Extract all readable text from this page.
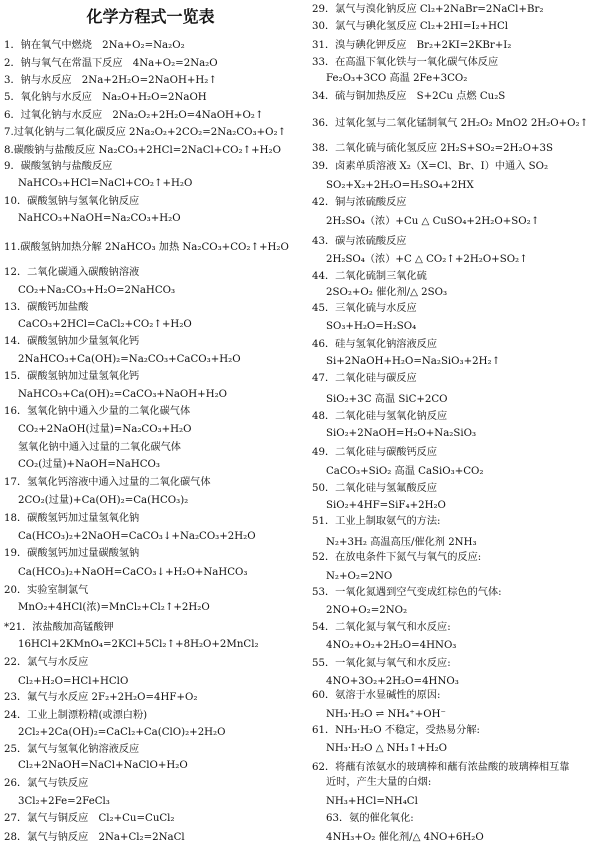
化学方程式一览表
1．钠在氧气中燃烧　2Na+O₂=Na₂O₂
2．钠与氧气在常温下反应　4Na+O₂=2Na₂O
3．钠与水反应　2Na+2H₂O=2NaOH+H₂↑
5．氧化钠与水反应　Na₂O+H₂O=2NaOH
6．过氧化钠与水反应　2Na₂O₂+2H₂O=4NaOH+O₂↑
7.过氧化钠与二氧化碳反应 2Na₂O₂+2CO₂=2Na₂CO₃+O₂↑
8.碳酸钠与盐酸反应 Na₂CO₃+2HCl=2NaCl+CO₂↑+H₂O
9．碳酸氢钠与盐酸反应
NaHCO₃+HCl=NaCl+CO₂↑+H₂O
10．碳酸氢钠与氢氧化钠反应
NaHCO₃+NaOH=Na₂CO₃+H₂O
11.碳酸氢钠加热分解 2NaHCO₃ 加热 Na₂CO₃+CO₂↑+H₂O
12．二氧化碳通入碳酸钠溶液
CO₂+Na₂CO₃+H₂O=2NaHCO₃
13．碳酸钙加盐酸
CaCO₃+2HCl=CaCl₂+CO₂↑+H₂O
14．碳酸氢钠加少量氢氧化钙
2NaHCO₃+Ca(OH)₂=Na₂CO₃+CaCO₃+H₂O
15．碳酸氢钠加过量氢氧化钙
NaHCO₃+Ca(OH)₂=CaCO₃+NaOH+H₂O
16．氢氧化钠中通入少量的二氧化碳气体
CO₂+2NaOH(过量)=Na₂CO₃+H₂O
氢氧化钠中通入过量的二氧化碳气体
CO₂(过量)+NaOH=NaHCO₃
17．氢氧化钙溶液中通入过量的二氧化碳气体
2CO₂(过量)+Ca(OH)₂=Ca(HCO₃)₂
18．碳酸氢钙加过量氢氧化钠
Ca(HCO₃)₂+2NaOH=CaCO₃↓+Na₂CO₃+2H₂O
19．碳酸氢钙加过量碳酸氢钠
Ca(HCO₃)₂+NaOH=CaCO₃↓+H₂O+NaHCO₃
20．实验室制氯气
MnO₂+4HCl(浓)=MnCl₂+Cl₂↑+2H₂O
*21．浓盐酸加高锰酸钾
16HCl+2KMnO₄=2KCl+5Cl₂↑+8H₂O+2MnCl₂
22．氯气与水反应
Cl₂+H₂O=HCl+HClO
23．氟气与水反应 2F₂+2H₂O=4HF+O₂
24．工业上制漂粉精(或漂白粉)
2Cl₂+2Ca(OH)₂=CaCl₂+Ca(ClO)₂+2H₂O
25．氯气与氢氧化钠溶液反应
Cl₂+2NaOH=NaCl+NaClO+H₂O
26．氯气与铁反应
3Cl₂+2Fe=2FeCl₃
27．氯气与铜反应　Cl₂+Cu=CuCl₂
28．氯气与钠反应　2Na+Cl₂=2NaCl
29．氯气与溴化钠反应 Cl₂+2NaBr=2NaCl+Br₂
30．氯气与碘化氢反应 Cl₂+2HI=I₂+HCl
31．溴与碘化钾反应　Br₂+2KI=2KBr+I₂
33．在高温下氧化铁与一氧化碳气体反应
Fe₂O₃+3CO 高温 2Fe+3CO₂
34．硫与铜加热反应　S+2Cu 点燃 Cu₂S
36．过氧化氢与二氧化锰制氧气 2H₂O₂ MnO2 2H₂O+O₂↑
38．二氧化硫与硫化氢反应 2H₂S+SO₂=2H₂O+3S
39．卤素单质溶液 X₂（X=Cl、Br、I）中通入 SO₂
SO₂+X₂+2H₂O=H₂SO₄+2HX
42．铜与浓硫酸反应
2H₂SO₄（浓）+Cu △ CuSO₄+2H₂O+SO₂↑
43．碳与浓硫酸反应
2H₂SO₄（浓）+C △ CO₂↑+2H₂O+SO₂↑
44．二氧化硫制三氧化硫
2SO₂+O₂ 催化剂/△ 2SO₃
45．三氧化硫与水反应
SO₃+H₂O=H₂SO₄
46．硅与氢氧化钠溶液反应
Si+2NaOH+H₂O=Na₂SiO₃+2H₂↑
47．二氧化硅与碳反应
SiO₂+3C 高温 SiC+2CO
48．二氧化硅与氢氧化钠反应
SiO₂+2NaOH=H₂O+Na₂SiO₃
49．二氧化硅与碳酸钙反应
CaCO₃+SiO₂ 高温 CaSiO₃+CO₂
50．二氧化硅与氢氟酸反应
SiO₂+4HF=SiF₄+2H₂O
51．工业上制取氨气的方法:
N₂+3H₂ 高温高压/催化剂 2NH₃
52．在放电条件下氮气与氧气的反应:
N₂+O₂=2NO
53．一氧化氮遇到空气变成红棕色的气体:
2NO+O₂=2NO₂
54．二氧化氮与氧气和水反应:
4NO₂+O₂+2H₂O=4HNO₃
55．一氧化氮与氧气和水反应:
4NO+3O₂+2H₂O=4HNO₃
60．氨溶于水显碱性的原因:
NH₃·H₂O ⇌ NH₄⁺+OH⁻
61．NH₃·H₂O 不稳定，受热易分解:
NH₃·H₂O △ NH₃↑+H₂O
62．将蘸有浓氨水的玻璃棒和蘸有浓盐酸的玻璃棒相互靠
近时，产生大量的白烟:
NH₃+HCl=NH₄Cl
63．氨的催化氧化:
4NH₃+O₂ 催化剂/△ 4NO+6H₂O
